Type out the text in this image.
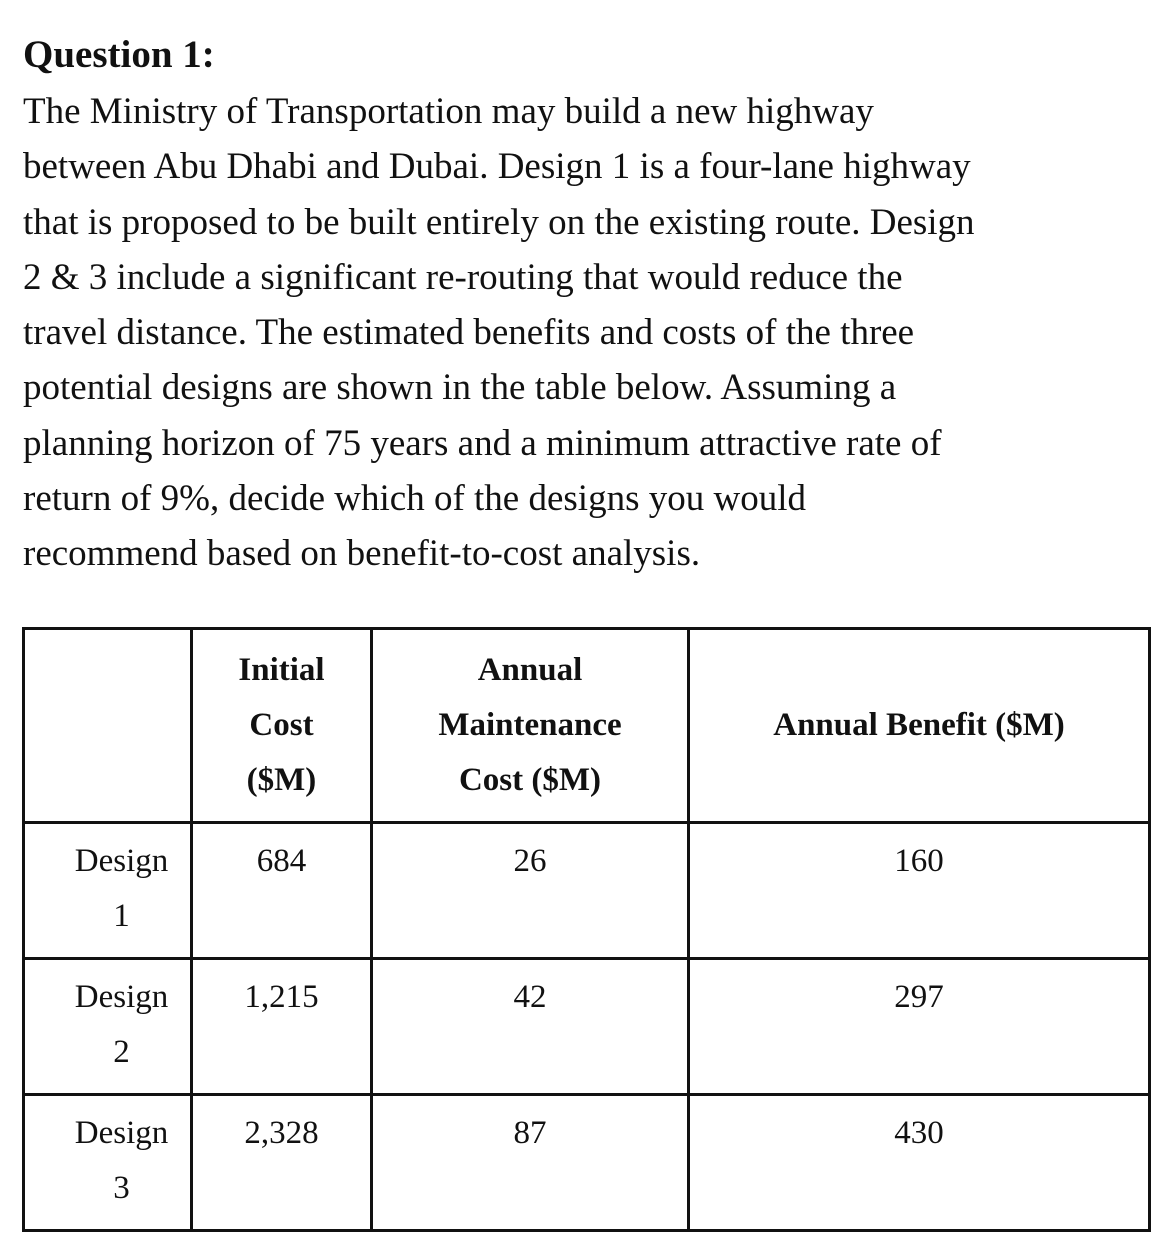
Question 1:

The Ministry of Transportation may build a new highway
between Abu Dhabi and Dubai. Design 1 is a four-lane highway
that is proposed to be built entirely on the existing route. Design
2 & 3 include a significant re-routing that would reduce the
travel distance. The estimated benefits and costs of the three
potential designs are shown in the table below. Assuming a
planning horizon of 75 years and a minimum attractive rate of
return of 9%, decide which of the designs you would
recommend based on benefit-to-cost analysis.

	Initial
Cost
($M)	Annual
Maintenance
Cost ($M)	Annual Benefit ($M)

Design
1	684	26	160

Design
2	1,215	42	297

Design
3	2,328	87	430
